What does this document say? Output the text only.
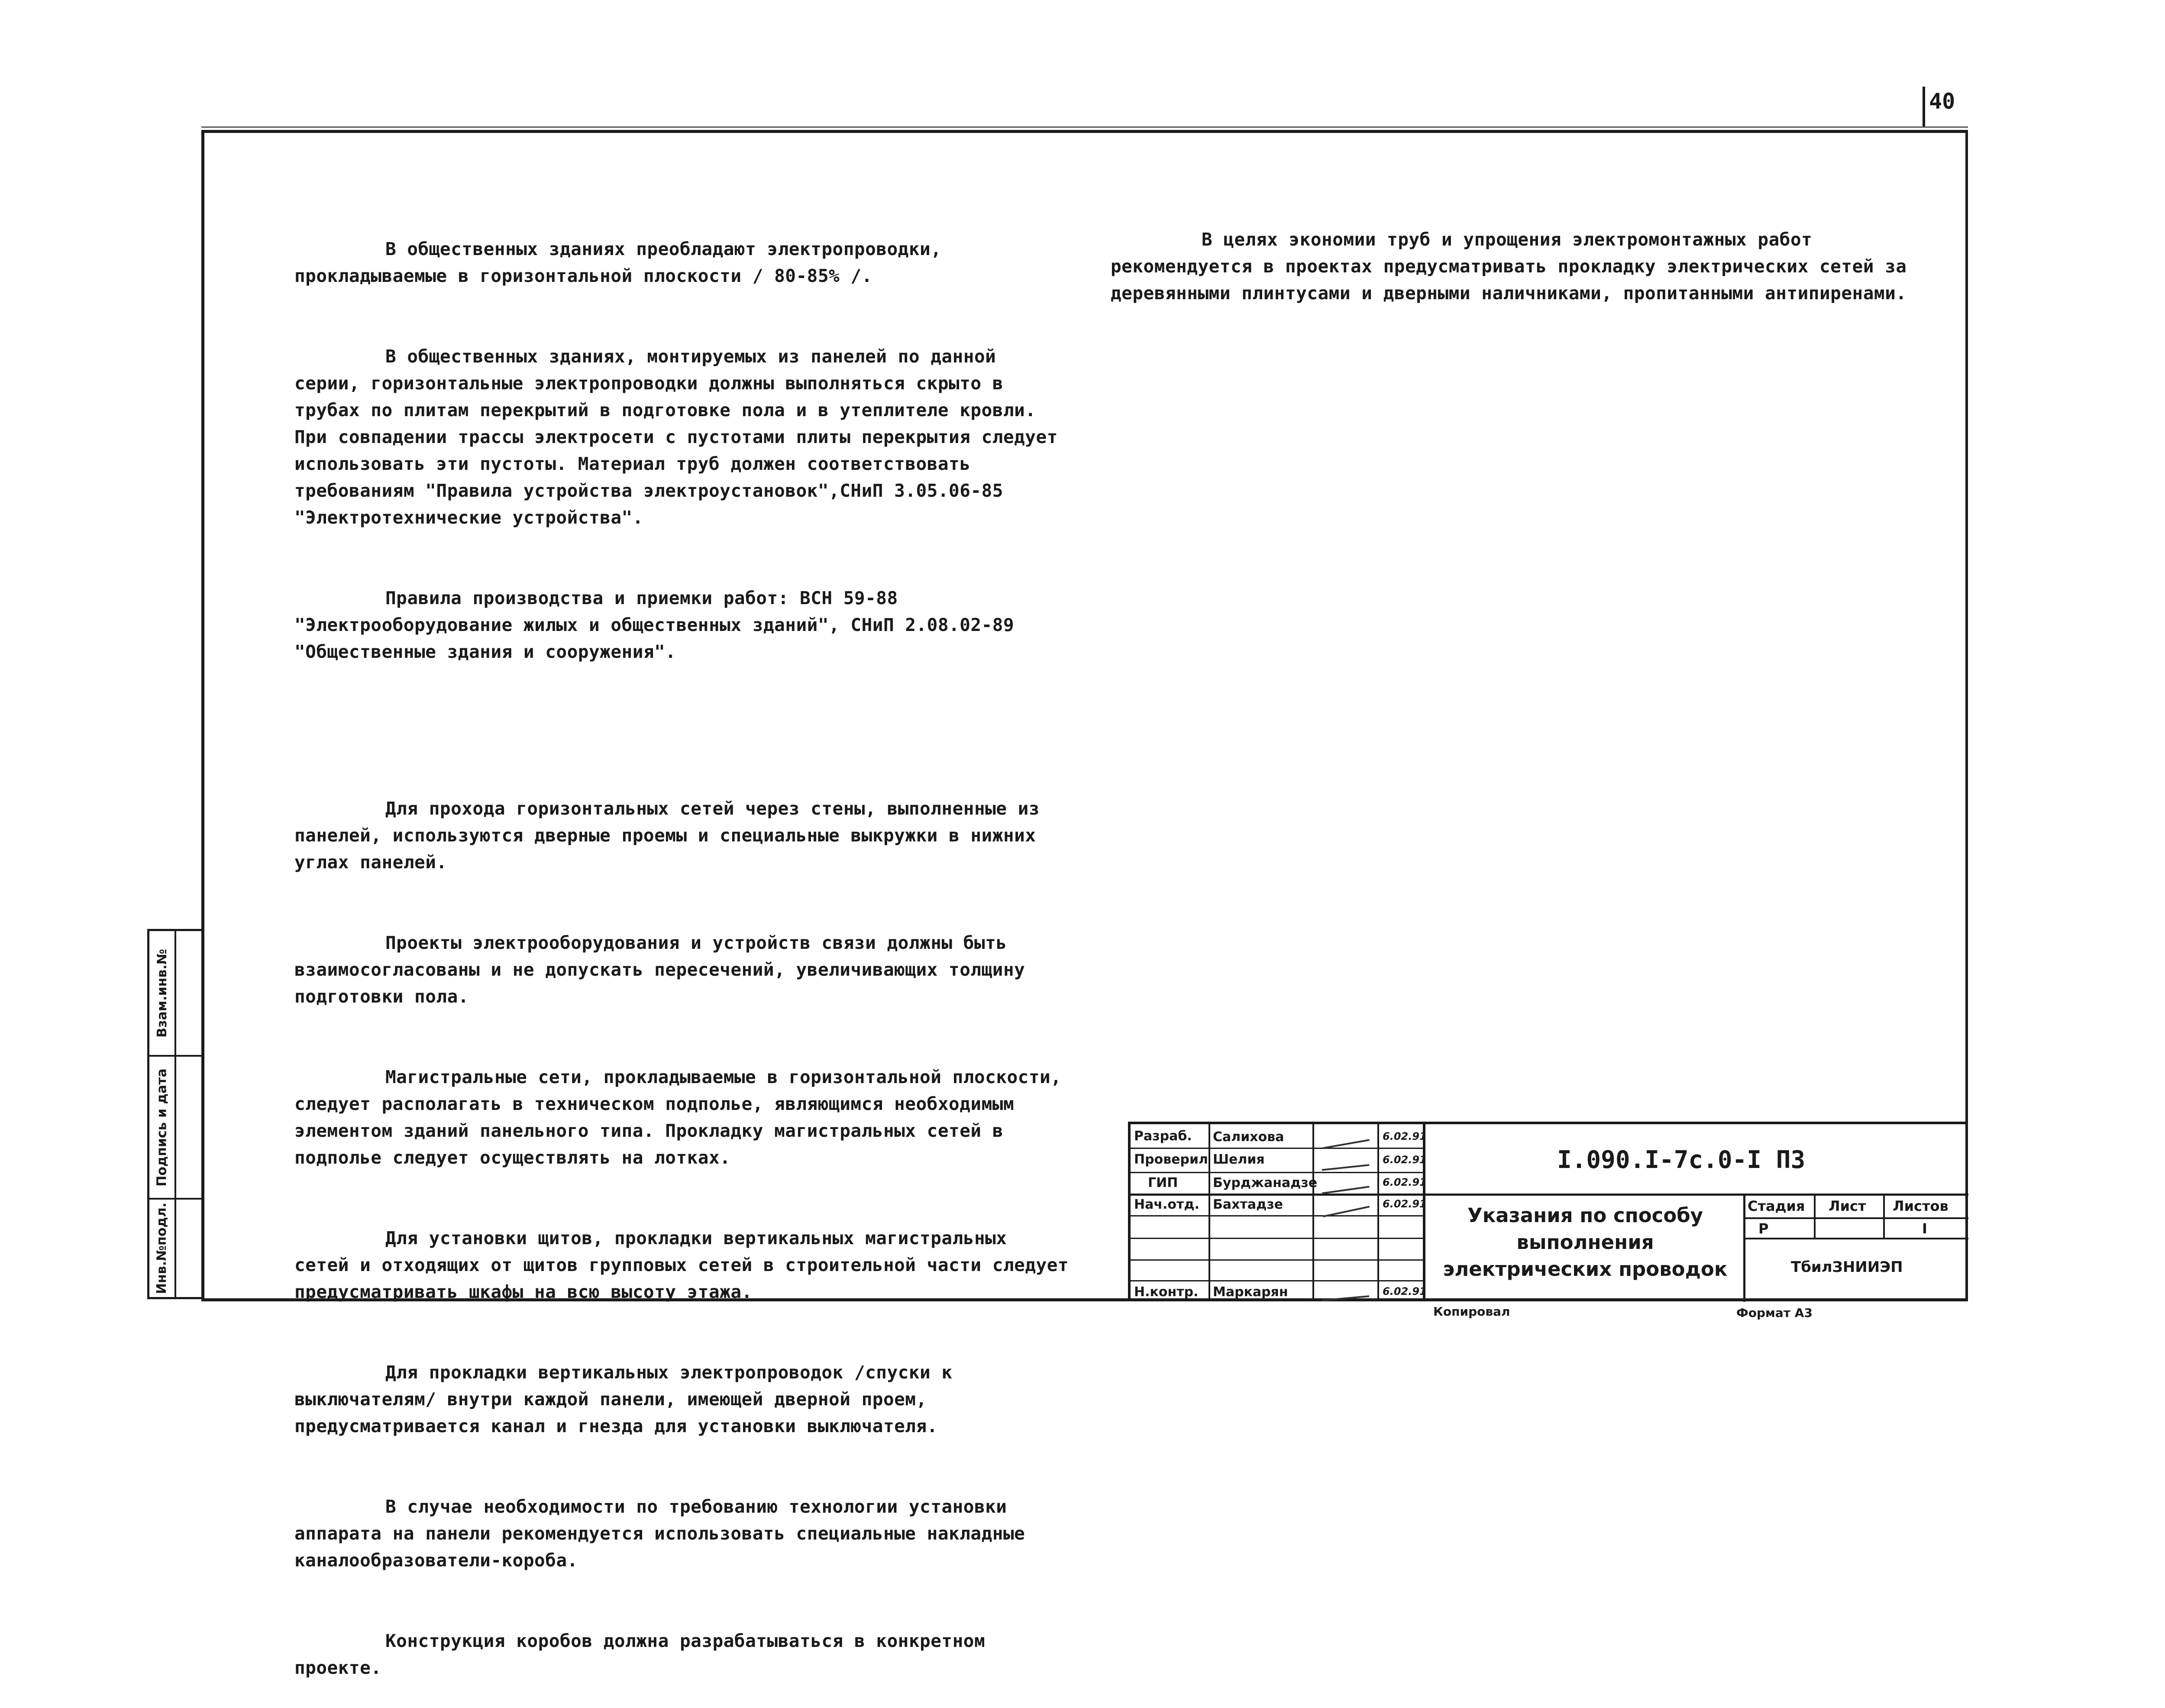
40

В общественных зданиях преобладают электропроводки, прокладываемые в горизонтальной плоскости / 80-85% /.

В общественных зданиях, монтируемых из панелей по данной серии, горизонтальные электропроводки должны выполняться скрыто в трубах по плитам перекрытий в подготовке пола и в утеплителе кровли. При совпадении трассы электросети с пустотами плиты перекрытия следует использовать эти пустоты. Материал труб должен соответствовать требованиям "Правила устройства электроустановок",СНиП 3.05.06-85 "Электротехнические устройства".

Правила производства и приемки работ: ВСН 59-88 "Электрооборудование жилых и общественных зданий", СНиП 2.08.02-89 "Общественные здания и сооружения".

Для прохода горизонтальных сетей через стены, выполненные из панелей, используются дверные проемы и специальные выкружки в нижних углах панелей.

Проекты электрооборудования и устройств связи должны быть взаимосогласованы и не допускать пересечений, увеличивающих толщину подготовки пола.

Магистральные сети, прокладываемые в горизонтальной плоскости, следует располагать в техническом подполье, являющимся необходимым элементом зданий панельного типа. Прокладку магистральных сетей в подполье следует осуществлять на лотках.

Для установки щитов, прокладки вертикальных магистральных сетей и отходящих от щитов групповых сетей в строительной части следует предусматривать шкафы на всю высоту этажа.

Для прокладки вертикальных электропроводок /спуски к выключателям/ внутри каждой панели, имеющей дверной проем, предусматривается канал и гнезда для установки выключателя.

В случае необходимости по требованию технологии установки аппарата на панели рекомендуется использовать специальные накладные каналообразователи-короба.

Конструкция коробов должна разрабатываться в конкретном проекте.

В целях экономии труб и упрощения электромонтажных работ рекомендуется в проектах предусматривать прокладку электрических сетей за деревянными плинтусами и дверными наличниками, пропитанными антипиренами.

Взам.инв.№
Подпись и дата
Инв.№подл.
Разраб.
Проверил
ГИП
Нач.отд.
Н.контр.
Салихова
Шелия
Бурджанадзе
Бахтадзе
Маркарян
6.02.91
6.02.91
6.02.91
6.02.91
6.02.91
I.090.I-7с.0-I ПЗ
Указания по способу выполнения электрических проводок
Стадия Лист Листов
Р	I
ТбилЗНИИЭП
Копировал	Формат А3
